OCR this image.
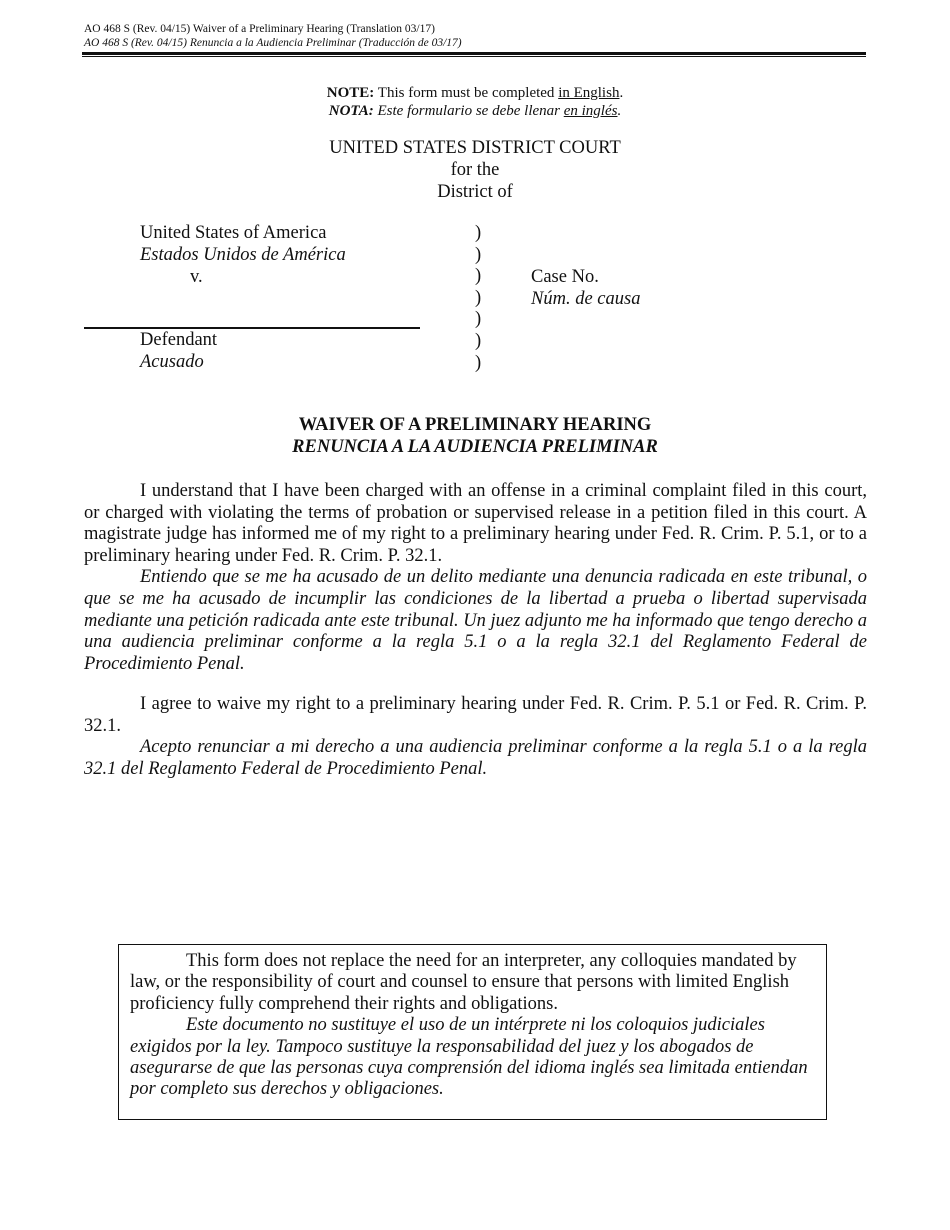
AO 468 S (Rev. 04/15) Waiver of a Preliminary Hearing (Translation 03/17)
AO 468 S (Rev. 04/15) Renuncia a la Audiencia Preliminar (Traducción de 03/17)
NOTE: This form must be completed in English.
NOTA: Este formulario se debe llenar en inglés.
UNITED STATES DISTRICT COURT
for the
District of
United States of America
Estados Unidos de América
v.
Defendant
Acusado
)
)
)
)
)
)
)
Case No.
Núm. de causa
WAIVER OF A PRELIMINARY HEARING
RENUNCIA A LA AUDIENCIA PRELIMINAR

I understand that I have been charged with an offense in a criminal complaint filed in this court, or charged with violating the terms of probation or supervised release in a petition filed in this court. A magistrate judge has informed me of my right to a preliminary hearing under Fed. R. Crim. P. 5.1, or to a preliminary hearing under Fed. R. Crim. P. 32.1.

Entiendo que se me ha acusado de un delito mediante una denuncia radicada en este tribunal, o que se me ha acusado de incumplir las condiciones de la libertad a prueba o libertad supervisada mediante una petición radicada ante este tribunal. Un juez adjunto me ha informado que tengo derecho a una audiencia preliminar conforme a la regla 5.1 o a la regla 32.1 del Reglamento Federal de Procedimiento Penal.

I agree to waive my right to a preliminary hearing under Fed. R. Crim. P. 5.1 or Fed. R. Crim. P. 32.1.

Acepto renunciar a mi derecho a una audiencia preliminar conforme a la regla 5.1 o a la regla 32.1 del Reglamento Federal de Procedimiento Penal.

This form does not replace the need for an interpreter, any colloquies mandated by law, or the responsibility of court and counsel to ensure that persons with limited English proficiency fully comprehend their rights and obligations.

Este documento no sustituye el uso de un intérprete ni los coloquios judiciales exigidos por la ley. Tampoco sustituye la responsabilidad del juez y los abogados de asegurarse de que las personas cuya comprensión del idioma inglés sea limitada entiendan por completo sus derechos y obligaciones.
